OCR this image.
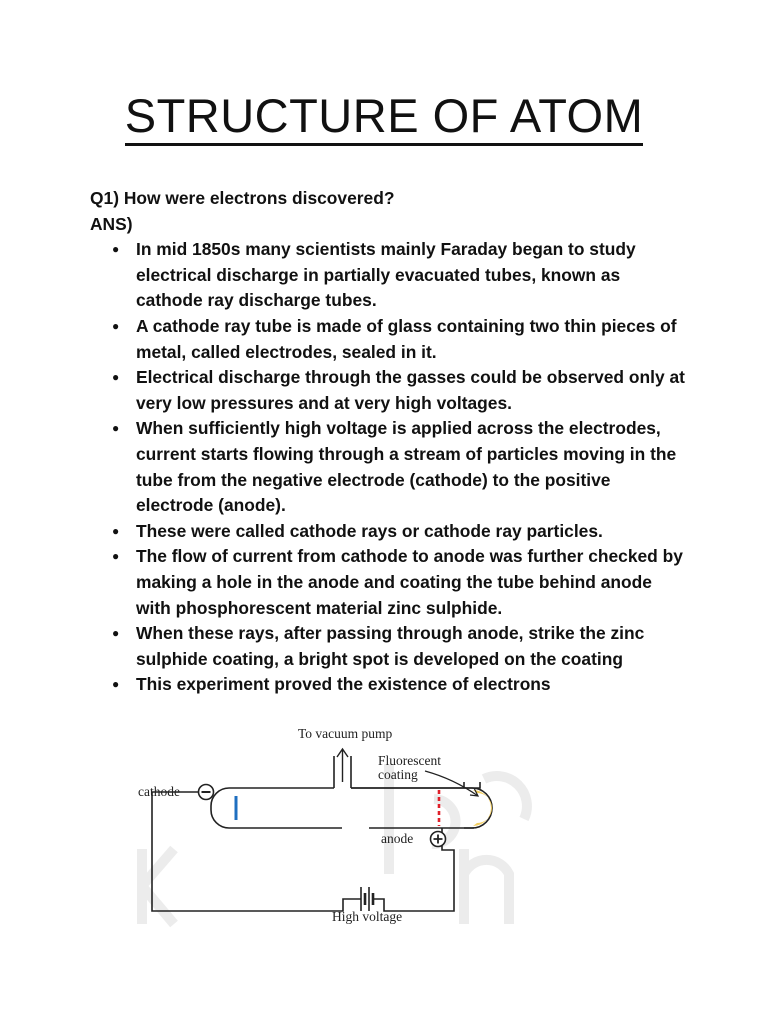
STRUCTURE OF ATOM

Q1) How were electrons discovered?

ANS)

● In mid 1850s many scientists mainly Faraday began to study electrical discharge in partially evacuated tubes, known as cathode ray discharge tubes.
● A cathode ray tube is made of glass containing two thin pieces of metal, called electrodes, sealed in it.
● Electrical discharge through the gasses could be observed only at very low pressures and at very high voltages.
● When sufficiently high voltage is applied across the electrodes, current starts flowing through a stream of particles moving in the tube from the negative electrode (cathode) to the positive electrode (anode).
● These were called cathode rays or cathode ray particles.
● The flow of current from cathode to anode was further checked by making a hole in the anode and coating the tube behind anode with phosphorescent material zinc sulphide.
● When these rays, after passing through anode, strike the zinc sulphide coating, a bright spot is developed on the coating
● This experiment proved the existence of electrons
To vacuum pump
Fluorescent
coating
cathode
anode
High voltage
